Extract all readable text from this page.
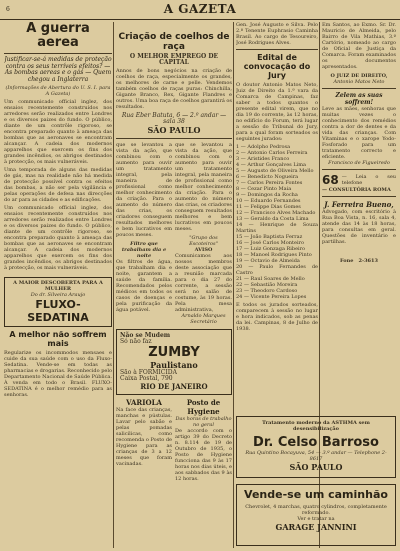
6	A GAZETA
A guerra aerea
Justificar-se-á medidas de proteção contra os seus terríveis efeitos? — As bombas aereas e o gás — Quem chegou a Inglaterra
(Informações de Abertura do U. S. I. para A Gazeta)
Um communicado official inglez, dos ensaios recentemente construídos nos arredores serão realizados entre Londres e os diversos paizes do fundo. O público, diante de um contrôle rigoroso, se encontra preparado quanto à ameaça das bombas que as aeronaves se encontram alcançar. A cadeia dos modernos apparelhos que exercem os fins dos grandes incêndios, os abrigos destinados à protecção, os mais vulneráveis.
Uma temporada de alguns das medidas de gás, mas na realidade não há medida de protecção possível contra os efeitos das bombas, a não ser pela vigilância e pelas operações de defesa nas direcções do ar para as cidades e as edificações.
Um communicado official inglez, dos ensaios recentemente construídos nos arredores serão realizados entre Londres e os diversos paizes do fundo. O público, diante de um contrôle rigoroso, se encontra preparado quanto à ameaça das bombas que as aeronaves se encontram alcançar. A cadeia dos modernos apparelhos que exercem os fins dos grandes incêndios, os abrigos destinados à protecção, os mais vulneráveis.
A MAIOR DESCOBERTA PARA A MULHER
Do dr. Silveira Araujo
FLUXO-SEDATINA
A melhor não soffrem mais
Regularize os incommodos mensaes e cuide da sua saúde com o uso da Fluxo-Sedatina. Vende-se em todas as pharmacias e drogarias. Reconhecido pelo Departamento Nacional de Saúde Pública. À venda em todo o Brasil. FLUXO-SEDATINA é o melhor remédio para as senhoras.
Criação de coelhos de raça
O MELHOR EMPREGO DE CAPITAL
Annos de bons negócios na criação de coelhos de raça, especialmente os grandes, os melhores de carne e pelle. Vendemos também coelhos de raças puras: Chinchilla, Gigante Branco, Rex, Gigante Flandres e outros. Uma boa raça de coelhos garantirá os resultados.
Rua Eber Batuta, 6 — 2.º andar — sala 38
SÃO PAULO
que se levantou a vista da ação, que combinou com o aumento para ouvir um tratamento integral, pela maneira de profissional como melhor conhecimento da criação. Para o aumento do número das crias, os criadores conseguem resultados melhores e bem lucrativos em poucos meses.
Filtro que trabalham dia e noite
Os filtros de água, que trabalham dia e noite, garantem a saúde da família. Recomendados pelos médicos em todos os casos de doenças e pela purificação da água potável.
que se levantou a vista da ação, que combinou com o aumento para ouvir um tratamento integral, pela maneira de profissional como melhor conhecimento da criação. Para o aumento do número das crias, os criadores conseguem resultados melhores e bem lucrativos em poucos meses.
"Grupo dos Escoteiros"
AVISO
Comunicamos aos nossos membros deste associação que a reunião marcada para o dia 27 do corrente, a sessão será no salão de costume, às 19 horas. Pela mesa administrativa,
Arnaldo Marques Secretário
Não se Mudem
Só não faz
ZUMBY
Paulistano
São à FORMICIDA
Caixa Postal, 790
RIO DE JANEIRO
VARIOLA
Na face das crianças, manchas e pústulas. Lavar pelo sabão e pelas pomadas salicilicas, como recomenda o Posto de Hygiene para as crianças de 3 a 12 meses que foram vacinadas.
Posto de Hygiene
Das horas de trabalho no geral
De accordo com o artigo 39 do Decreto n. 8.114 de 19 de Outubro de 1935, o Posto de Hygiene funcciona das 9 às 17 horas nos dias úteis, e aos sabbados das 9 às 12 horas.
Gen. José Augusto e Silva. Pelo 2.º Tenente Euphrasio Caminha Brasil. Ao cargo de Tesoureiro, José Rodrigues Alves.
Edital de convocação do Jury
O doutor Antonio Matos Neto, Juiz de Direito da 1.ª vara da Comarca de Campinas, faz saber a todos quantos o presente edital virem, que no dia 19 do corrente, às 12 horas, no edifício do Forum, terá lugar a sessão do Tribunal do Jury, para a qual foram sorteados os seguintes jurados:
1 — Adolpho Pedrosa
2 — Antonio Carlos Ferreira
3 — Aristides Franco
4 — Arthur Gonçalves Lima
5 — Augusto de Oliveira Mello
6 — Benedicto Nogueira
7 — Carlos Pereira Fontes
8 — Cezar Pinto Maia
9 — Domingos da Rocha
10 — Eduardo Fernandes
11 — Felippe Dias Gomes
12 — Francisco Alves Machado
13 — Geraldo da Costa Lima
14 — Henrique de Souza Martins
15 — João Baptista Ferraz
16 — José Carlos Monteiro
17 — Luiz Gonzaga Ribeiro
18 — Manoel Rodrigues Pinto
19 — Octavio de Almeida
20 — Paulo Fernandes de Castro
21 — Raul Soares de Mello
22 — Sebastião Moreira
23 — Theodoro Cardoso
24 — Vicente Pereira Lopes
E todos os jurados sorteados, comparecem à sessão no lugar e hora indicados, sob as penas da lei. Campinas, 8 de Julho de 1938.
Em Santos, ao Exmo. Sr. Dr. Mauricio de Almeida, pelo Bairro de Vila Mathias, 3.º Cartório, nomeado ao cargo de Oficial de Justiça da Comarca. Foram examinados os documentos apresentados.
O JUIZ DE DIREITO,
Antonio Matos Neto
Zelem as suas soffrem!
Leve as mães, senhoras que muitas vezes o conhecimento dos remédios contra a dor de dentes e da vida das crianças. Com Vitaminas e o xarope Yodo-Fosforado para um tratamento correcto e eficiente.
Francisco de Figueiredo
68 — Leia o seu telefone
— CONSULTÓRIA ROMA
J. Ferreira Bueno,
Advogado, com escritório à Rua Boa Vista, n. 16, sala 4, atende das 14 às 18 horas, para consultas em geral. Questões de inventário e partilhas.
Fone 2-3613
Tratamento moderno da ASTHMA sem desensibilização
Dr. Celso Barroso
Rua Quintino Bocayuva, 54 — 3.º andar — Telephone 2-8617
SÃO PAULO
Vende-se um caminhão
Chevrolet, 4 marchas, quatro cylindros, completamente reformado.
Ver e tratar na
GARAGE JANNINI
